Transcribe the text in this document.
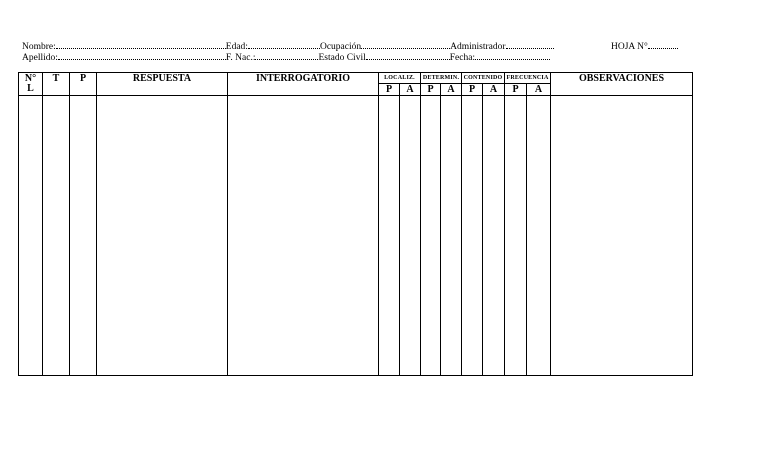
Nombre:	Edad:	Ocupación	Administrador
Apellido:	F. Nac.:	Estado Civil	Fecha:
HOJA N°
N°
L	T	P	RESPUESTA	INTERROGATORIO	LOCALIZ.		DETERMIN.		CONTENIDO		FRECUENCIA		OBSERVACIONES
					P	A	P	A	P	A	P	A	
